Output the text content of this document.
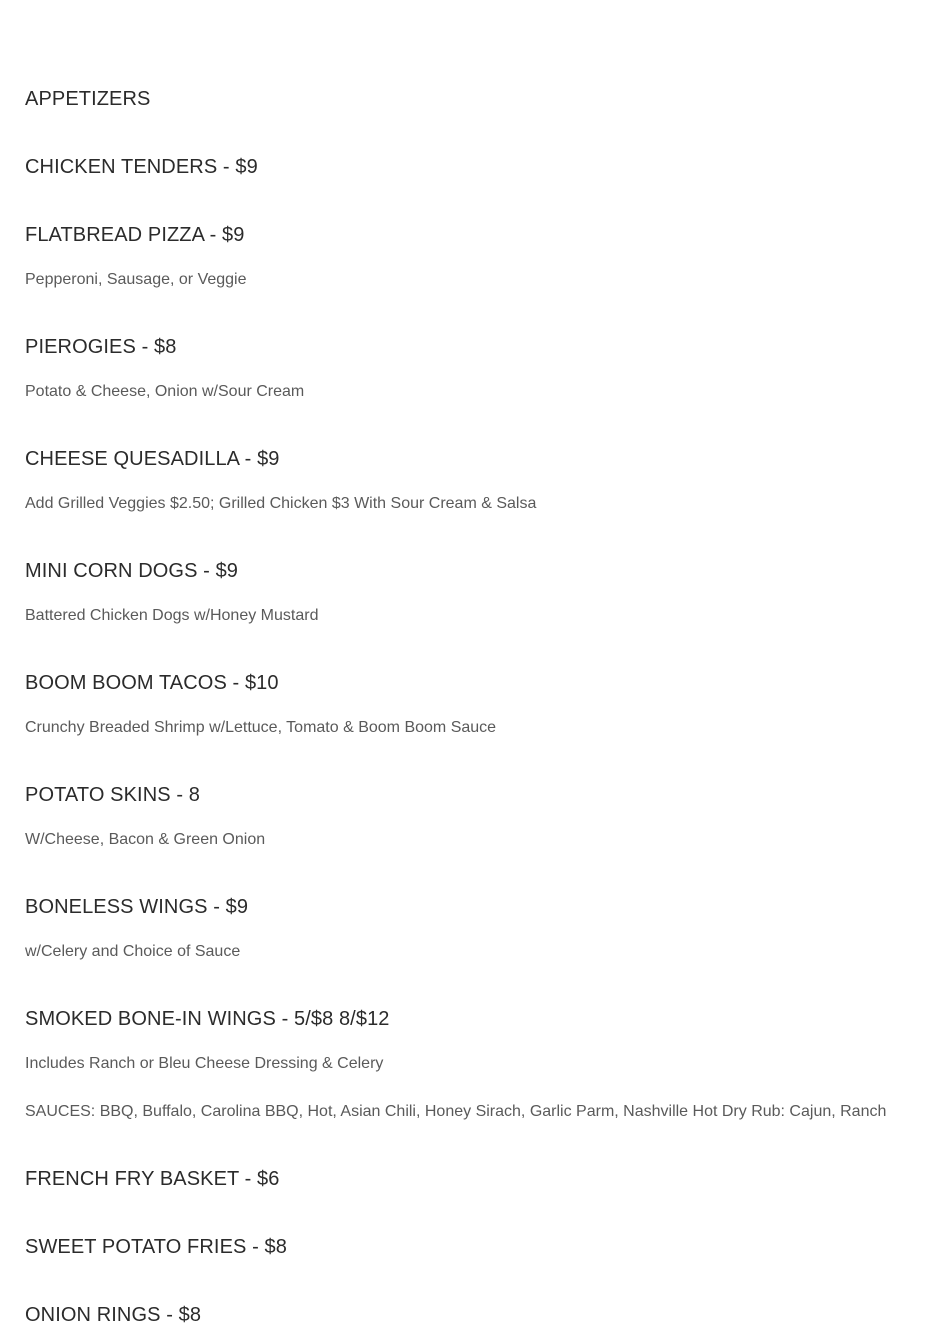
APPETIZERS
CHICKEN TENDERS - $9
FLATBREAD PIZZA - $9
Pepperoni, Sausage, or Veggie
PIEROGIES - $8
Potato & Cheese, Onion w/Sour Cream
CHEESE QUESADILLA - $9
Add Grilled Veggies $2.50; Grilled Chicken $3 With Sour Cream & Salsa
MINI CORN DOGS - $9
Battered Chicken Dogs w/Honey Mustard
BOOM BOOM TACOS - $10
Crunchy Breaded Shrimp w/Lettuce, Tomato & Boom Boom Sauce
POTATO SKINS - 8
W/Cheese, Bacon & Green Onion
BONELESS WINGS - $9
w/Celery and Choice of Sauce
SMOKED BONE-IN WINGS - 5/$8 8/$12
Includes Ranch or Bleu Cheese Dressing & Celery
SAUCES: BBQ, Buffalo, Carolina BBQ, Hot, Asian Chili, Honey Sirach, Garlic Parm, Nashville Hot Dry Rub: Cajun, Ranch
FRENCH FRY BASKET - $6
SWEET POTATO FRIES - $8
ONION RINGS - $8
